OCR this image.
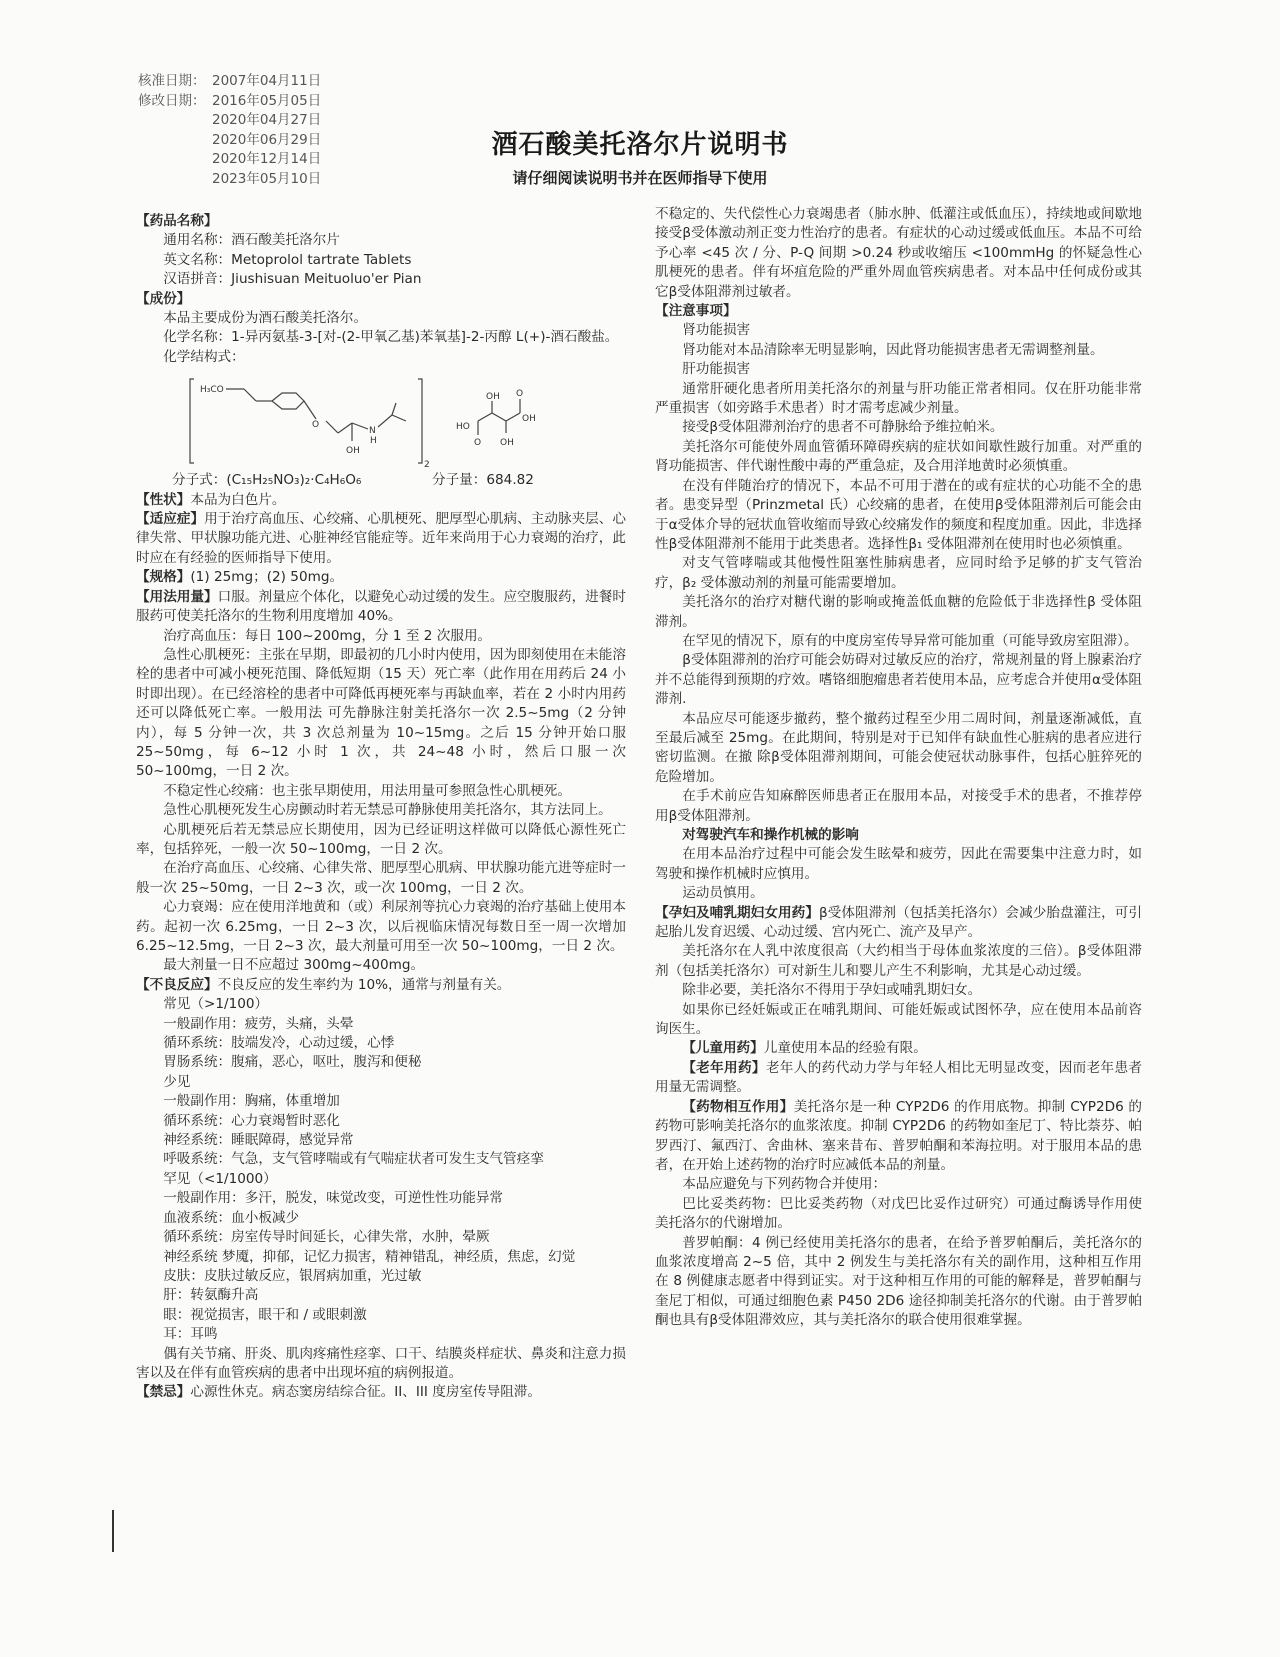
核准日期： 2007年04月11日
修改日期： 2016年05月05日
2020年04月27日
2020年06月29日
2020年12月14日
2023年05月10日
酒石酸美托洛尔片说明书
请仔细阅读说明书并在医师指导下使用

【药品名称】

通用名称：酒石酸美托洛尔片

英文名称：Metoprolol tartrate Tablets

汉语拼音：Jiushisuan Meituoluo'er Pian

【成份】

本品主要成份为酒石酸美托洛尔。

化学名称：1-异丙氨基-3-[对-(2-甲氧乙基)苯氧基]-2-丙醇 L(+)-酒石酸盐。

化学结构式：

H₃CO
O
OH
N
H
2
HO
OH O
OH
OH
O
分子式：(C₁₅H₂₅NO₃)₂·C₄H₆O₆	分子量：684.82

【性状】本品为白色片。

【适应症】用于治疗高血压、心绞痛、心肌梗死、肥厚型心肌病、主动脉夹层、心律失常、甲状腺功能亢进、心脏神经官能症等。近年来尚用于心力衰竭的治疗，此时应在有经验的医师指导下使用。

【规格】(1) 25mg；(2) 50mg。

【用法用量】口服。剂量应个体化，以避免心动过缓的发生。应空腹服药，进餐时服药可使美托洛尔的生物利用度增加 40%。

治疗高血压：每日 100~200mg，分 1 至 2 次服用。

急性心肌梗死：主张在早期，即最初的几小时内使用，因为即刻使用在未能溶栓的患者中可减小梗死范围、降低短期（15 天）死亡率（此作用在用药后 24 小时即出现）。在已经溶栓的患者中可降低再梗死率与再缺血率，若在 2 小时内用药还可以降低死亡率。一般用法 可先静脉注射美托洛尔一次 2.5~5mg（2 分钟内），每 5 分钟一次，共 3 次总剂量为 10~15mg。之后 15 分钟开始口服 25~50mg，每 6~12 小时 1 次，共 24~48 小时，然后口服一次 50~100mg，一日 2 次。

不稳定性心绞痛：也主张早期使用，用法用量可参照急性心肌梗死。

急性心肌梗死发生心房颤动时若无禁忌可静脉使用美托洛尔，其方法同上。

心肌梗死后若无禁忌应长期使用，因为已经证明这样做可以降低心源性死亡率，包括猝死，一般一次 50~100mg，一日 2 次。

在治疗高血压、心绞痛、心律失常、肥厚型心肌病、甲状腺功能亢进等症时一般一次 25~50mg，一日 2~3 次，或一次 100mg，一日 2 次。

心力衰竭：应在使用洋地黄和（或）利尿剂等抗心力衰竭的治疗基础上使用本药。起初一次 6.25mg，一日 2~3 次，以后视临床情况每数日至一周一次增加 6.25~12.5mg，一日 2~3 次，最大剂量可用至一次 50~100mg，一日 2 次。

最大剂量一日不应超过 300mg~400mg。

【不良反应】不良反应的发生率约为 10%，通常与剂量有关。

常见（>1/100）

一般副作用：疲劳，头痛，头晕

循环系统：肢端发冷，心动过缓，心悸

胃肠系统：腹痛，恶心，呕吐，腹泻和便秘

少见

一般副作用：胸痛，体重增加

循环系统：心力衰竭暂时恶化

神经系统：睡眠障碍，感觉异常

呼吸系统：气急，支气管哮喘或有气喘症状者可发生支气管痉挛

罕见（<1/1000）

一般副作用：多汗，脱发，味觉改变，可逆性性功能异常

血液系统：血小板减少

循环系统：房室传导时间延长，心律失常，水肿，晕厥

神经系统 梦魇，抑郁，记忆力损害，精神错乱，神经质，焦虑，幻觉

皮肤：皮肤过敏反应，银屑病加重，光过敏

肝：转氨酶升高

眼：视觉损害，眼干和 / 或眼刺激

耳：耳鸣

偶有关节痛、肝炎、肌肉疼痛性痉挛、口干、结膜炎样症状、鼻炎和注意力损害以及在伴有血管疾病的患者中出现坏疽的病例报道。

【禁忌】心源性休克。病态窦房结综合征。II、III 度房室传导阻滞。

不稳定的、失代偿性心力衰竭患者（肺水肿、低灌注或低血压），持续地或间歇地接受β受体激动剂正变力性治疗的患者。有症状的心动过缓或低血压。本品不可给予心率 <45 次 / 分、P-Q 间期 >0.24 秒或收缩压 <100mmHg 的怀疑急性心肌梗死的患者。伴有坏疽危险的严重外周血管疾病患者。对本品中任何成份或其它β受体阻滞剂过敏者。

【注意事项】

肾功能损害

肾功能对本品清除率无明显影响，因此肾功能损害患者无需调整剂量。

肝功能损害

通常肝硬化患者所用美托洛尔的剂量与肝功能正常者相同。仅在肝功能非常严重损害（如旁路手术患者）时才需考虑减少剂量。

接受β受体阻滞剂治疗的患者不可静脉给予维拉帕米。

美托洛尔可能使外周血管循环障碍疾病的症状如间歇性跛行加重。对严重的肾功能损害、伴代谢性酸中毒的严重急症，及合用洋地黄时必须慎重。

在没有伴随治疗的情况下，本品不可用于潜在的或有症状的心功能不全的患者。患变异型（Prinzmetal 氏）心绞痛的患者，在使用β受体阻滞剂后可能会由于α受体介导的冠状血管收缩而导致心绞痛发作的频度和程度加重。因此，非选择性β受体阻滞剂不能用于此类患者。选择性β₁ 受体阻滞剂在使用时也必须慎重。

对支气管哮喘或其他慢性阻塞性肺病患者，应同时给予足够的扩支气管治疗，β₂ 受体激动剂的剂量可能需要增加。

美托洛尔的治疗对糖代谢的影响或掩盖低血糖的危险低于非选择性β 受体阻滞剂。

在罕见的情况下，原有的中度房室传导异常可能加重（可能导致房室阻滞）。

β受体阻滞剂的治疗可能会妨碍对过敏反应的治疗，常规剂量的肾上腺素治疗并不总能得到预期的疗效。嗜铬细胞瘤患者若使用本品，应考虑合并使用α受体阻滞剂.

本品应尽可能逐步撤药，整个撤药过程至少用二周时间，剂量逐渐减低，直至最后减至 25mg。在此期间，特别是对于已知伴有缺血性心脏病的患者应进行密切监测。在撤 除β受体阻滞剂期间，可能会使冠状动脉事件，包括心脏猝死的危险增加。

在手术前应告知麻醉医师患者正在服用本品，对接受手术的患者，不推荐停用β受体阻滞剂。

对驾驶汽车和操作机械的影响

在用本品治疗过程中可能会发生眩晕和疲劳，因此在需要集中注意力时，如驾驶和操作机械时应慎用。

运动员慎用。

【孕妇及哺乳期妇女用药】β受体阻滞剂（包括美托洛尔）会减少胎盘灌注，可引起胎儿发育迟缓、心动过缓、宫内死亡、流产及早产。

美托洛尔在人乳中浓度很高（大约相当于母体血浆浓度的三倍）。β受体阻滞剂（包括美托洛尔）可对新生儿和婴儿产生不利影响，尤其是心动过缓。

除非必要，美托洛尔不得用于孕妇或哺乳期妇女。

如果你已经妊娠或正在哺乳期间、可能妊娠或试图怀孕，应在使用本品前咨询医生。

【儿童用药】儿童使用本品的经验有限。

【老年用药】老年人的药代动力学与年轻人相比无明显改变，因而老年患者用量无需调整。

【药物相互作用】美托洛尔是一种 CYP2D6 的作用底物。抑制 CYP2D6 的药物可影响美托洛尔的血浆浓度。抑制 CYP2D6 的药物如奎尼丁、特比萘芬、帕罗西汀、氟西汀、舍曲林、塞来昔布、普罗帕酮和苯海拉明。对于服用本品的患者，在开始上述药物的治疗时应减低本品的剂量。

本品应避免与下列药物合并使用：

巴比妥类药物：巴比妥类药物（对戊巴比妥作过研究）可通过酶诱导作用使美托洛尔的代谢增加。

普罗帕酮：4 例已经使用美托洛尔的患者，在给予普罗帕酮后，美托洛尔的血浆浓度增高 2~5 倍，其中 2 例发生与美托洛尔有关的副作用，这种相互作用在 8 例健康志愿者中得到证实。对于这种相互作用的可能的解释是，普罗帕酮与奎尼丁相似，可通过细胞色素 P450 2D6 途径抑制美托洛尔的代谢。由于普罗帕酮也具有β受体阻滞效应，其与美托洛尔的联合使用很难掌握。
